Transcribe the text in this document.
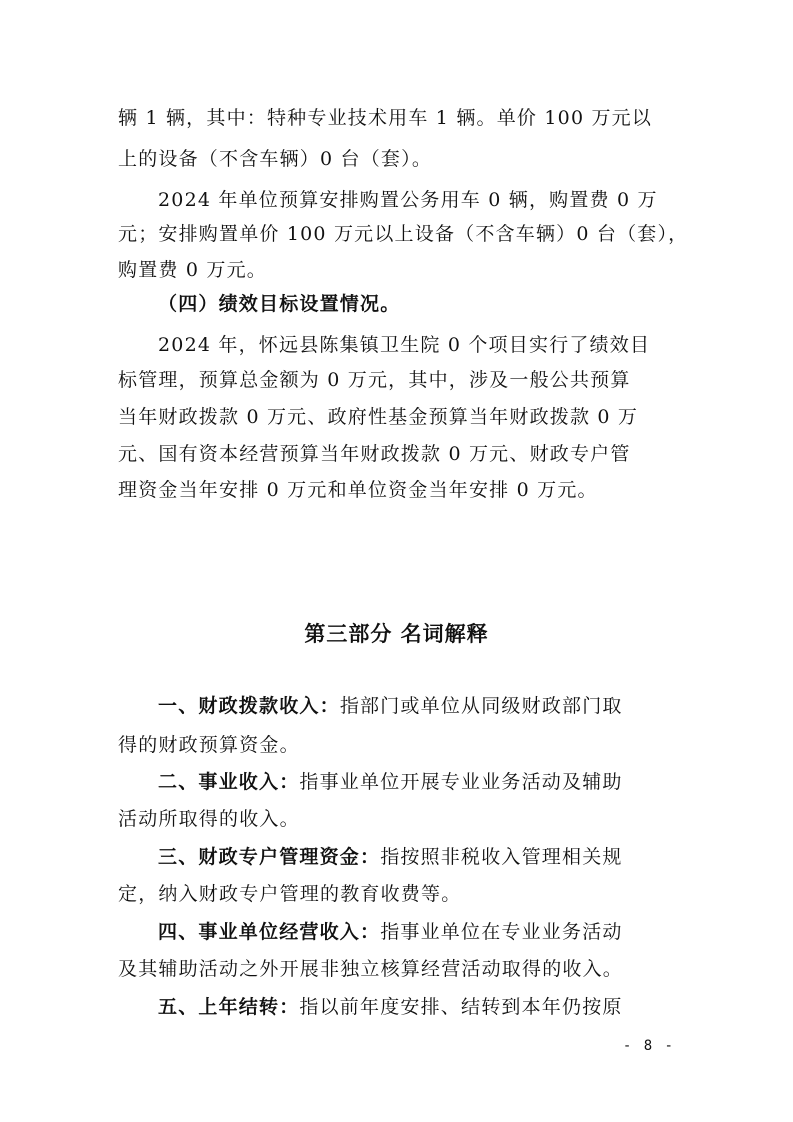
辆 1 辆，其中：特种专业技术用车 1 辆。单价 100 万元以
上的设备（不含车辆）0 台（套）。
2024 年单位预算安排购置公务用车 0 辆，购置费 0 万
元；安排购置单价 100 万元以上设备（不含车辆）0 台（套），
购置费 0 万元。
（四）绩效目标设置情况。
2024 年，怀远县陈集镇卫生院 0 个项目实行了绩效目
标管理，预算总金额为 0 万元，其中，涉及一般公共预算
当年财政拨款 0 万元、政府性基金预算当年财政拨款 0 万
元、国有资本经营预算当年财政拨款 0 万元、财政专户管
理资金当年安排 0 万元和单位资金当年安排 0 万元。
第三部分 名词解释
一、财政拨款收入：指部门或单位从同级财政部门取
得的财政预算资金。
二、事业收入：指事业单位开展专业业务活动及辅助
活动所取得的收入。
三、财政专户管理资金：指按照非税收入管理相关规
定，纳入财政专户管理的教育收费等。
四、事业单位经营收入：指事业单位在专业业务活动
及其辅助活动之外开展非独立核算经营活动取得的收入。
五、上年结转：指以前年度安排、结转到本年仍按原
- 8 -
